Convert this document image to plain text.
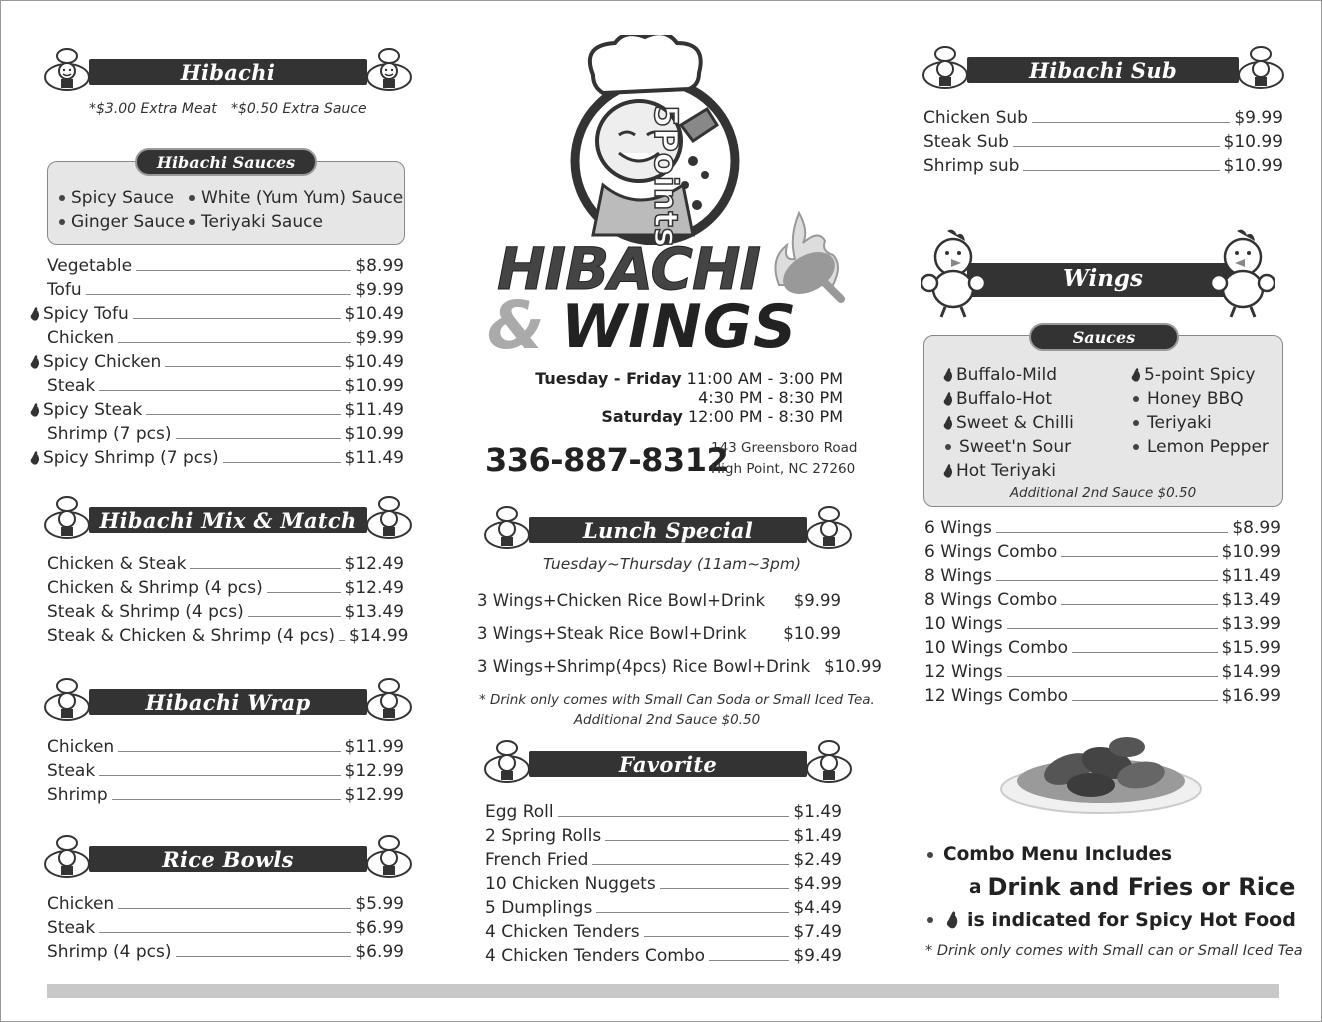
Hibachi
*$3.00 Extra Meat *$0.50 Extra Sauce
Hibachi Sauces
Spicy Sauce White (Yum Yum) Sauce
Ginger Sauce Teriyaki Sauce
Vegetable	$8.99
Tofu	$9.99
Spicy Tofu	$10.49
Chicken	$9.99
Spicy Chicken	$10.49
Steak	$10.99
Spicy Steak	$11.49
Shrimp (7 pcs)	$10.99
Spicy Shrimp (7 pcs)	$11.49
Hibachi Mix & Match
Chicken & Steak	$12.49
Chicken & Shrimp (4 pcs)	$12.49
Steak & Shrimp (4 pcs)	$13.49
Steak & Chicken & Shrimp (4 pcs) $14.99
Hibachi Wrap
Chicken	$11.99
Steak	$12.99
Shrimp	$12.99
Rice Bowls
Chicken	$5.99
Steak	$6.99
Shrimp (4 pcs)	$6.99
5Points
HIBACHI
& WINGS
Tuesday - Friday 11:00 AM - 3:00 PM
4:30 PM - 8:30 PM
Saturday 12:00 PM - 8:30 PM
336-887-8312
143 Greensboro Road
High Point, NC 27260
Lunch Special
Tuesday~Thursday (11am~3pm)
3 Wings+Chicken Rice Bowl+Drink $9.99
3 Wings+Steak Rice Bowl+Drink $10.99
3 Wings+Shrimp(4pcs) Rice Bowl+Drink $10.99
* Drink only comes with Small Can Soda or Small Iced Tea.
Additional 2nd Sauce $0.50
Favorite
Egg Roll	$1.49
2 Spring Rolls	$1.49
French Fried	$2.49
10 Chicken Nuggets	$4.99
5 Dumplings	$4.49
4 Chicken Tenders	$7.49
4 Chicken Tenders Combo	$9.49
Hibachi Sub
Chicken Sub	$9.99
Steak Sub	$10.99
Shrimp sub	$10.99
Wings
Sauces
Buffalo-Mild
Buffalo-Hot
Sweet & Chilli
Sweet'n Sour
Hot Teriyaki
5-point Spicy
Honey BBQ
Teriyaki
Lemon Pepper
Additional 2nd Sauce $0.50
6 Wings	$8.99
6 Wings Combo	$10.99
8 Wings	$11.49
8 Wings Combo	$13.49
10 Wings	$13.99
10 Wings Combo	$15.99
12 Wings	$14.99
12 Wings Combo	$16.99
Combo Menu Includes
a Drink and Fries or Rice
is indicated for Spicy Hot Food
* Drink only comes with Small can or Small Iced Tea
